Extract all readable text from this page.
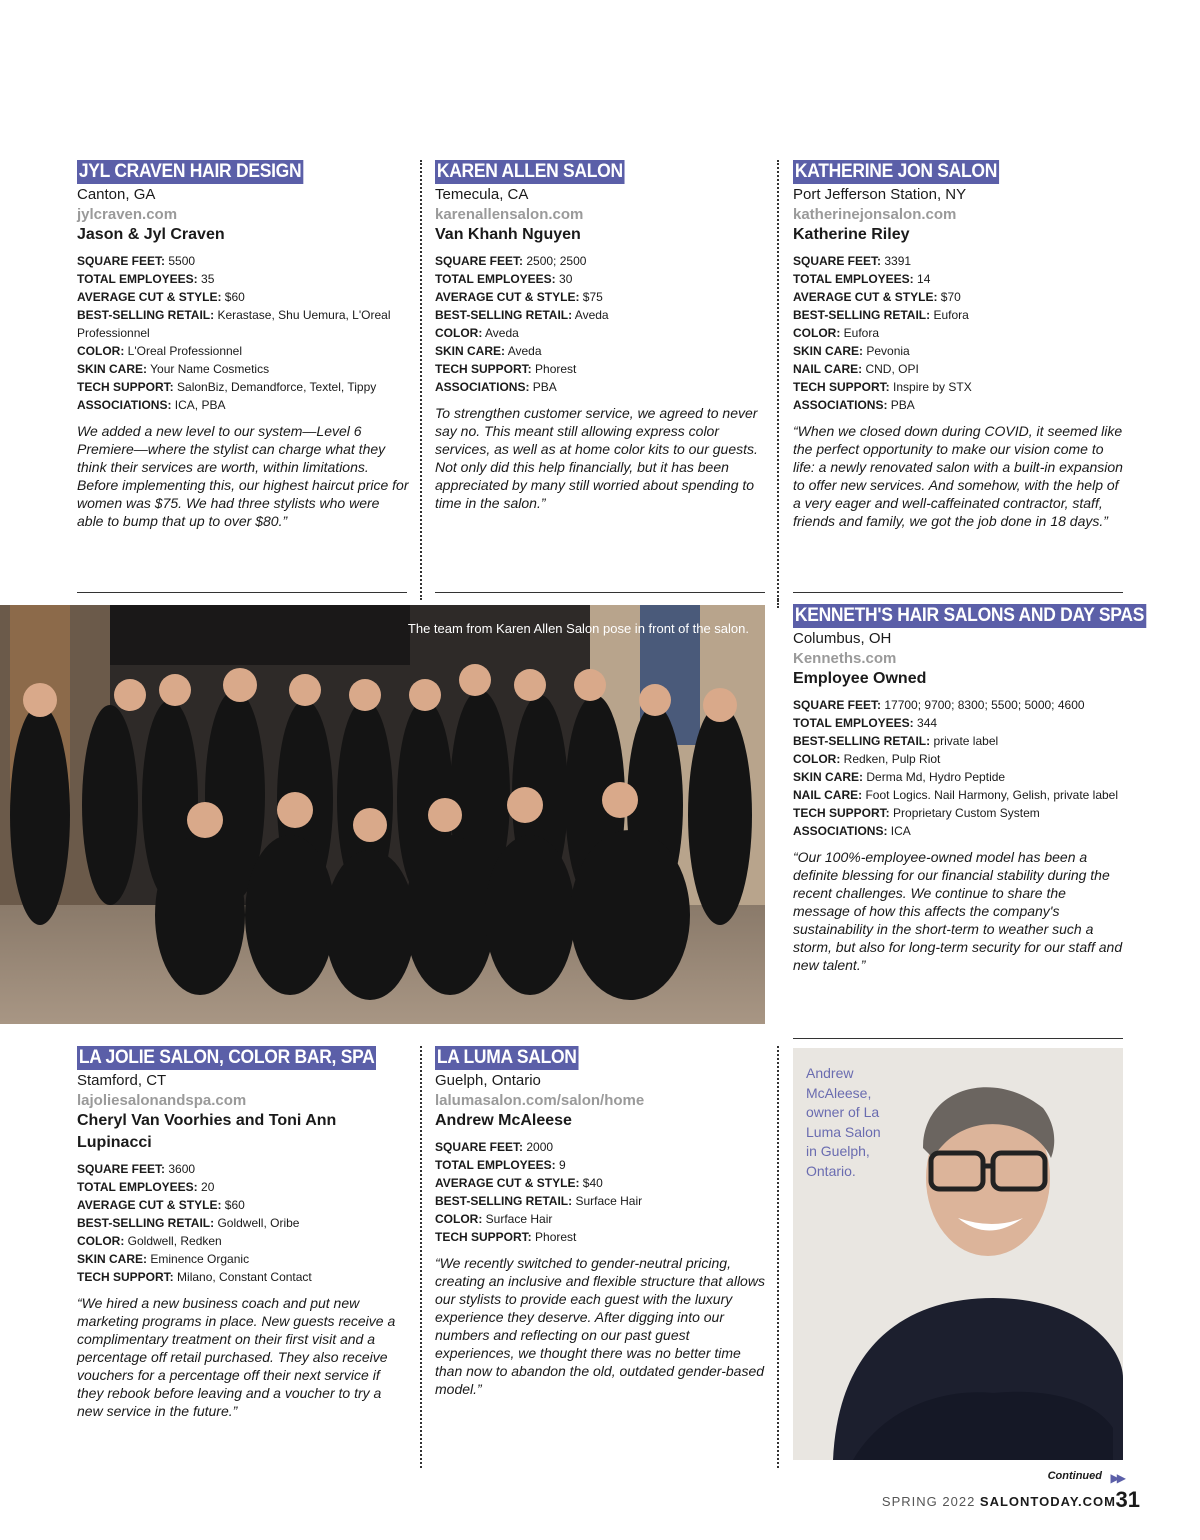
JYL CRAVEN HAIR DESIGN
Canton, GA
jylcraven.com
Jason & Jyl Craven
SQUARE FEET: 5500
TOTAL EMPLOYEES: 35
AVERAGE CUT & STYLE: $60
BEST-SELLING RETAIL: Kerastase, Shu Uemura, L'Oreal Professionnel
COLOR: L'Oreal Professionnel
SKIN CARE: Your Name Cosmetics
TECH SUPPORT: SalonBiz, Demandforce, Textel, Tippy
ASSOCIATIONS: ICA, PBA
We added a new level to our system—Level 6 Premiere—where the stylist can charge what they think their services are worth, within limitations. Before implementing this, our highest haircut price for women was $75. We had three stylists who were able to bump that up to over $80.”
KAREN ALLEN SALON
Temecula, CA
karenallensalon.com
Van Khanh Nguyen
SQUARE FEET: 2500; 2500
TOTAL EMPLOYEES: 30
AVERAGE CUT & STYLE: $75
BEST-SELLING RETAIL: Aveda
COLOR: Aveda
SKIN CARE: Aveda
TECH SUPPORT: Phorest
ASSOCIATIONS: PBA
To strengthen customer service, we agreed to never say no. This meant still allowing express color services, as well as at home color kits to our guests. Not only did this help financially, but it has been appreciated by many still worried about spending to time in the salon.”
KATHERINE JON SALON
Port Jefferson Station, NY
katherinejonsalon.com
Katherine Riley
SQUARE FEET: 3391
TOTAL EMPLOYEES: 14
AVERAGE CUT & STYLE: $70
BEST-SELLING RETAIL: Eufora
COLOR: Eufora
SKIN CARE: Pevonia
NAIL CARE: CND, OPI
TECH SUPPORT: Inspire by STX
ASSOCIATIONS: PBA
“When we closed down during COVID, it seemed like the perfect opportunity to make our vision come to life: a newly renovated salon with a built-in expansion to offer new services. And somehow, with the help of a very eager and well-caffeinated contractor, staff, friends and family, we got the job done in 18 days.”
The team from Karen Allen Salon pose in front of the salon.
KENNETH'S HAIR SALONS AND DAY SPAS
Columbus, OH
Kenneths.com
Employee Owned
SQUARE FEET: 17700; 9700; 8300; 5500; 5000; 4600
TOTAL EMPLOYEES: 344
BEST-SELLING RETAIL: private label
COLOR: Redken, Pulp Riot
SKIN CARE: Derma Md, Hydro Peptide
NAIL CARE: Foot Logics. Nail Harmony, Gelish, private label
TECH SUPPORT: Proprietary Custom System
ASSOCIATIONS: ICA
“Our 100%-employee-owned model has been a definite blessing for our financial stability during the recent challenges. We continue to share the message of how this affects the company's sustainability in the short-term to weather such a storm, but also for long-term security for our staff and new talent.”
LA JOLIE SALON, COLOR BAR, SPA
Stamford, CT
lajoliesalonandspa.com
Cheryl Van Voorhies and Toni Ann Lupinacci
SQUARE FEET: 3600
TOTAL EMPLOYEES: 20
AVERAGE CUT & STYLE: $60
BEST-SELLING RETAIL: Goldwell, Oribe
COLOR: Goldwell, Redken
SKIN CARE: Eminence Organic
TECH SUPPORT: Milano, Constant Contact
“We hired a new business coach and put new marketing programs in place. New guests receive a complimentary treatment on their first visit and a percentage off retail purchased. They also receive vouchers for a percentage off their next service if they rebook before leaving and a voucher to try a new service in the future.”
LA LUMA SALON
Guelph, Ontario
lalumasalon.com/salon/home
Andrew McAleese
SQUARE FEET: 2000
TOTAL EMPLOYEES: 9
AVERAGE CUT & STYLE: $40
BEST-SELLING RETAIL: Surface Hair
COLOR: Surface Hair
TECH SUPPORT: Phorest
“We recently switched to gender-neutral pricing, creating an inclusive and flexible structure that allows our stylists to provide each guest with the luxury experience they deserve. After digging into our numbers and reflecting on our past guest experiences, we thought there was no better time than now to abandon the old, outdated gender-based model.”
Andrew McAleese, owner of La Luma Salon in Guelph, Ontario.
Continued ▶▶
SPRING 2022 SALONTODAY.COM 31
